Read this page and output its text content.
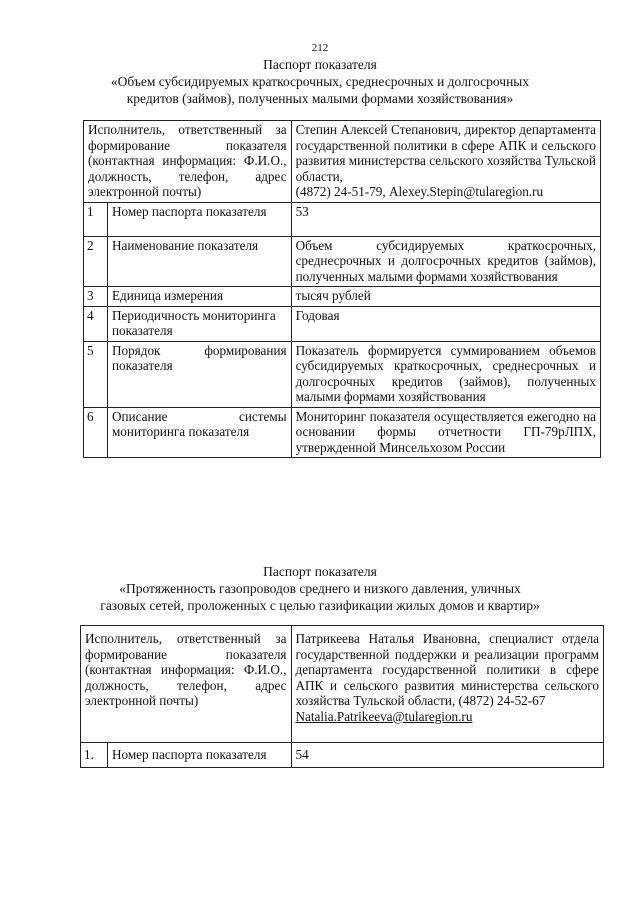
212
Паспорт показателя
«Объем субсидируемых краткосрочных, среднесрочных и долгосрочных
кредитов (займов), полученных малыми формами хозяйствования»
Исполнитель, ответственный за формирование показателя (контактная информация: Ф.И.О., должность, телефон, адрес электронной почты)		Степин Алексей Степанович, директор департамента государственной политики в сфере АПК и сельского развития министерства сельского хозяйства Тульской области,
(4872) 24-51-79, Alexey.Stepin@tularegion.ru
1	Номер паспорта показателя	53
2	Наименование показателя	Объем субсидируемых краткосрочных, среднесрочных и долгосрочных кредитов (займов), полученных малыми формами хозяйствования
3	Единица измерения	тысяч рублей
4	Периодичность мониторинга показателя	Годовая
5	Порядок формирования показателя	Показатель формируется суммированием объемов субсидируемых краткосрочных, среднесрочных и долгосрочных кредитов (займов), полученных малыми формами хозяйствования
6	Описание системы мониторинга показателя	Мониторинг показателя осуществляется ежегодно на основании формы отчетности ГП-79рЛПХ, утвержденной Минсельхозом России
Паспорт показателя
«Протяженность газопроводов среднего и низкого давления, уличных
газовых сетей, проложенных с целью газификации жилых домов и квартир»
Исполнитель, ответственный за формирование показателя (контактная информация: Ф.И.О., должность, телефон, адрес электронной почты)		Патрикеева Наталья Ивановна, специалист отдела государственной поддержки и реализации программ департамента государственной политики в сфере АПК и сельского развития министерства сельского хозяйства Тульской области, (4872) 24-52-67
Natalia.Patrikeeva@tularegion.ru
1.	Номер паспорта показателя	54
